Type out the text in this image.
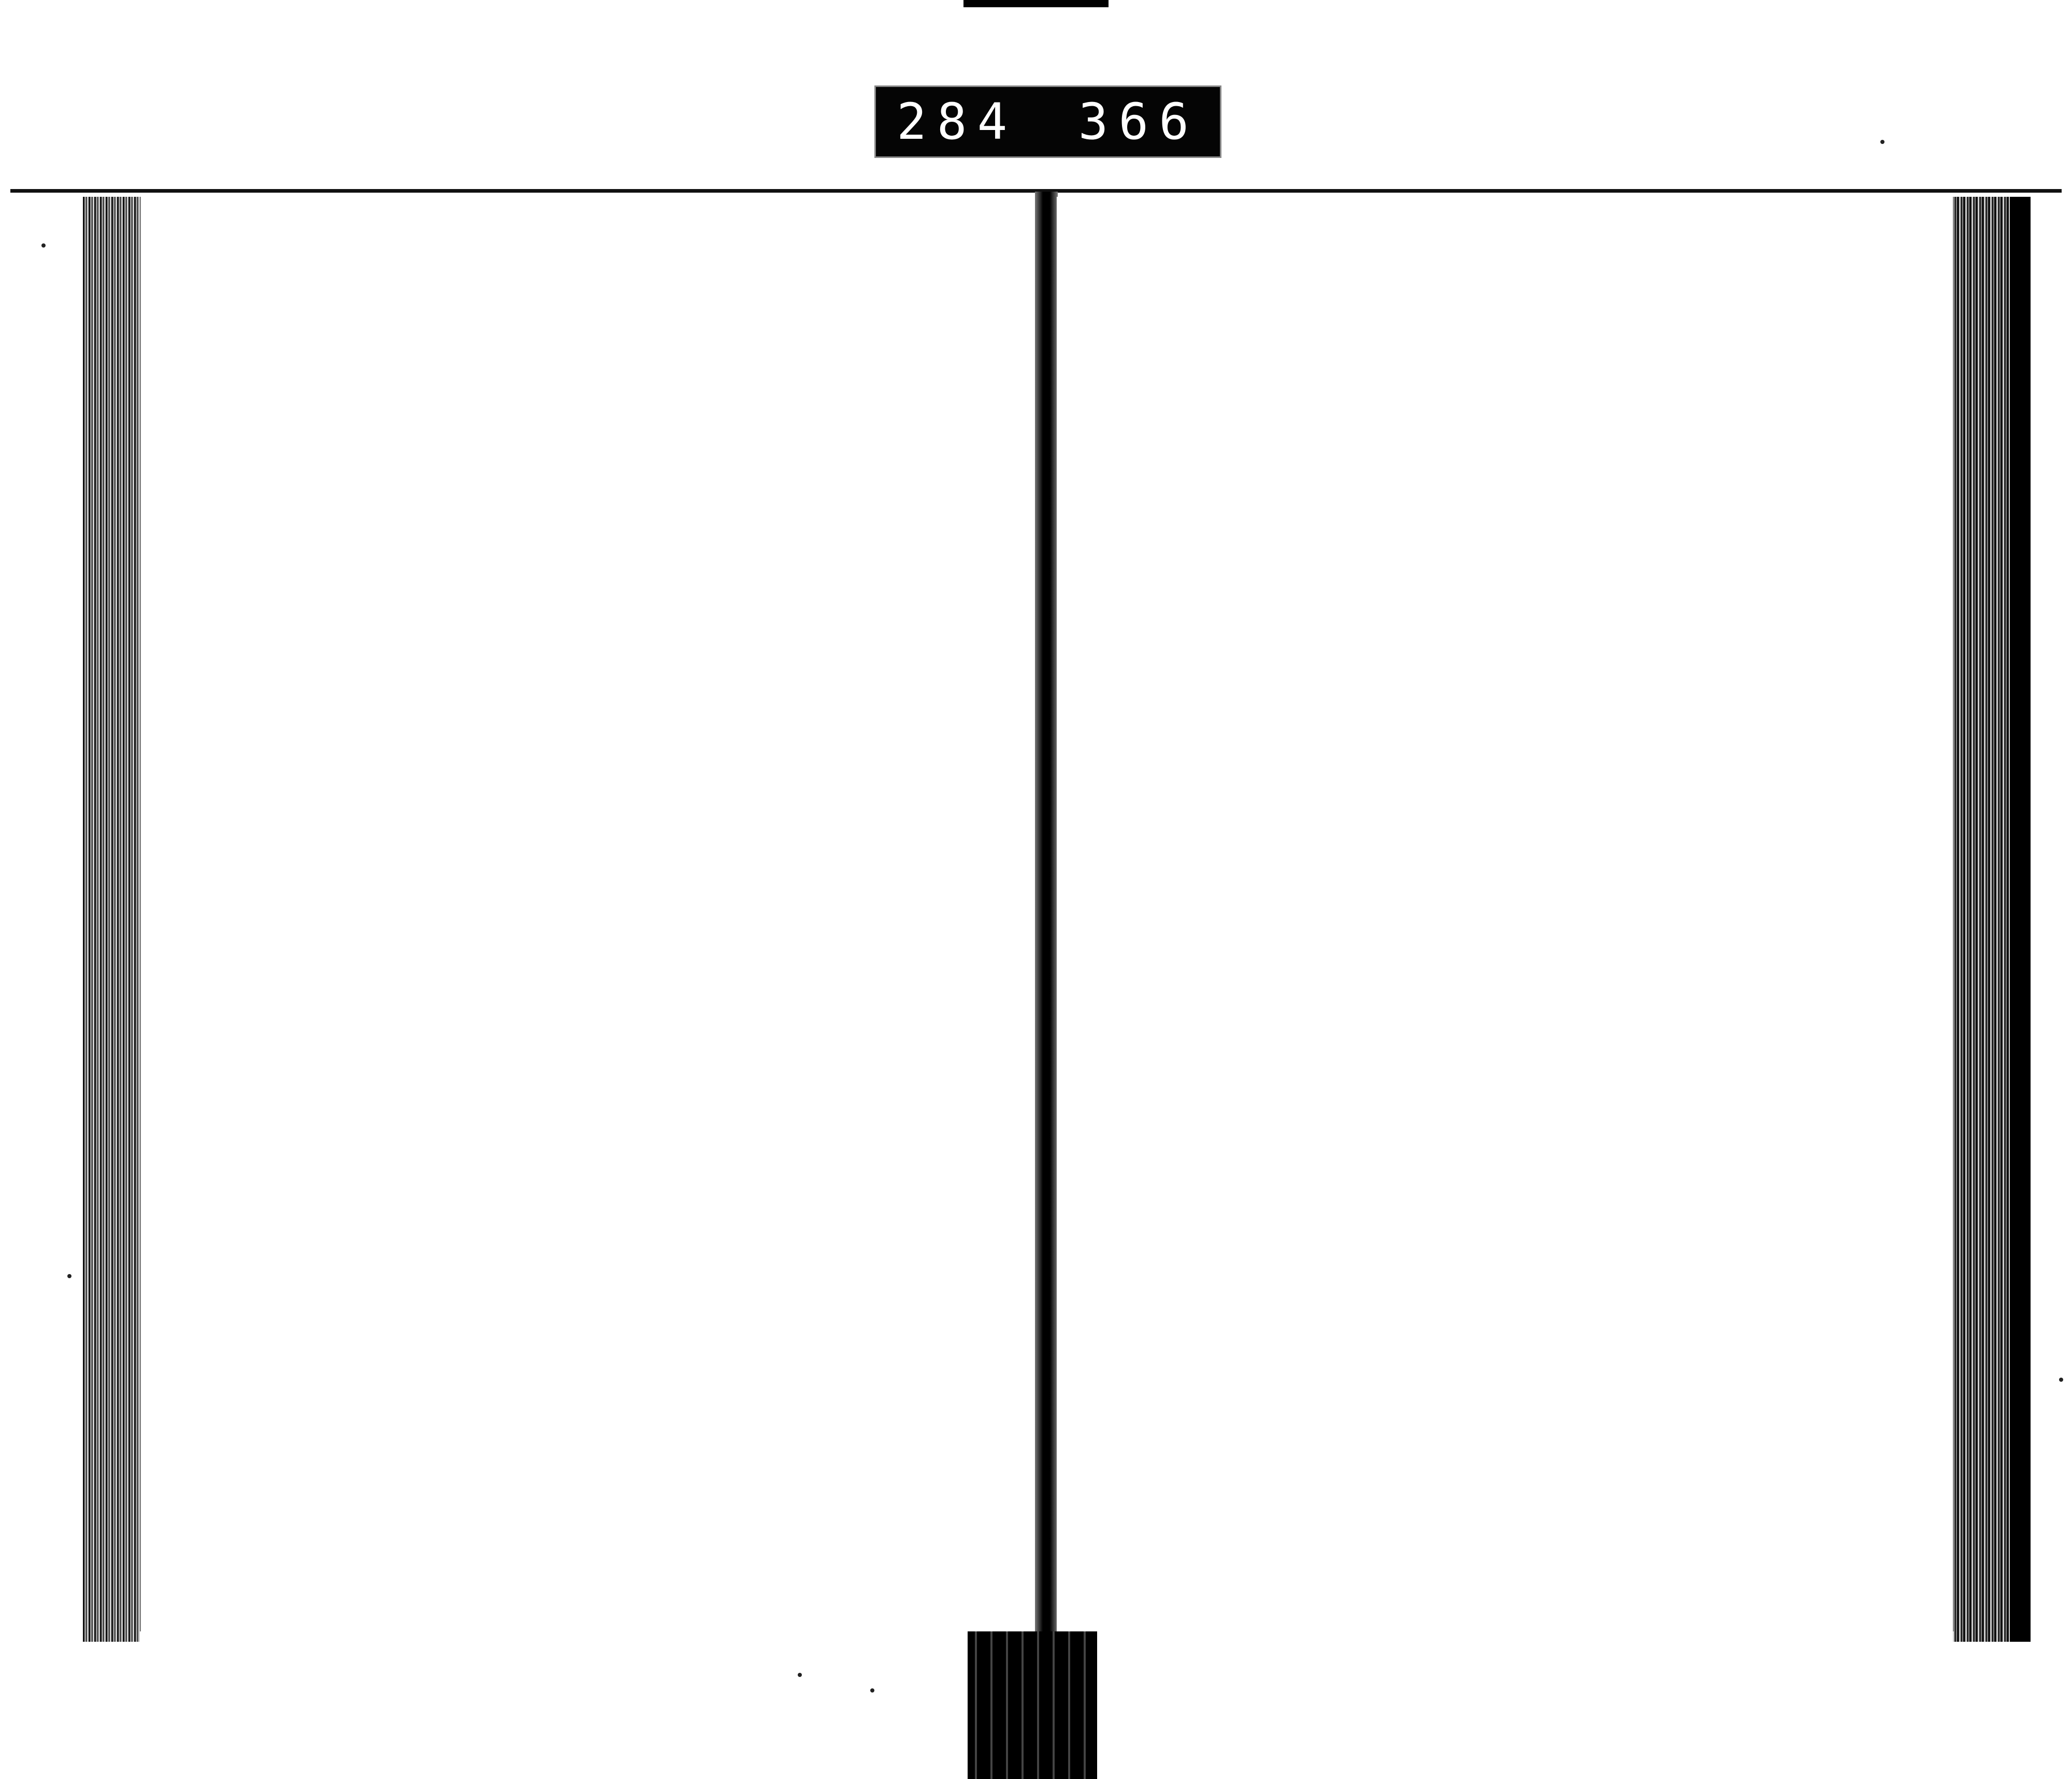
284 366
